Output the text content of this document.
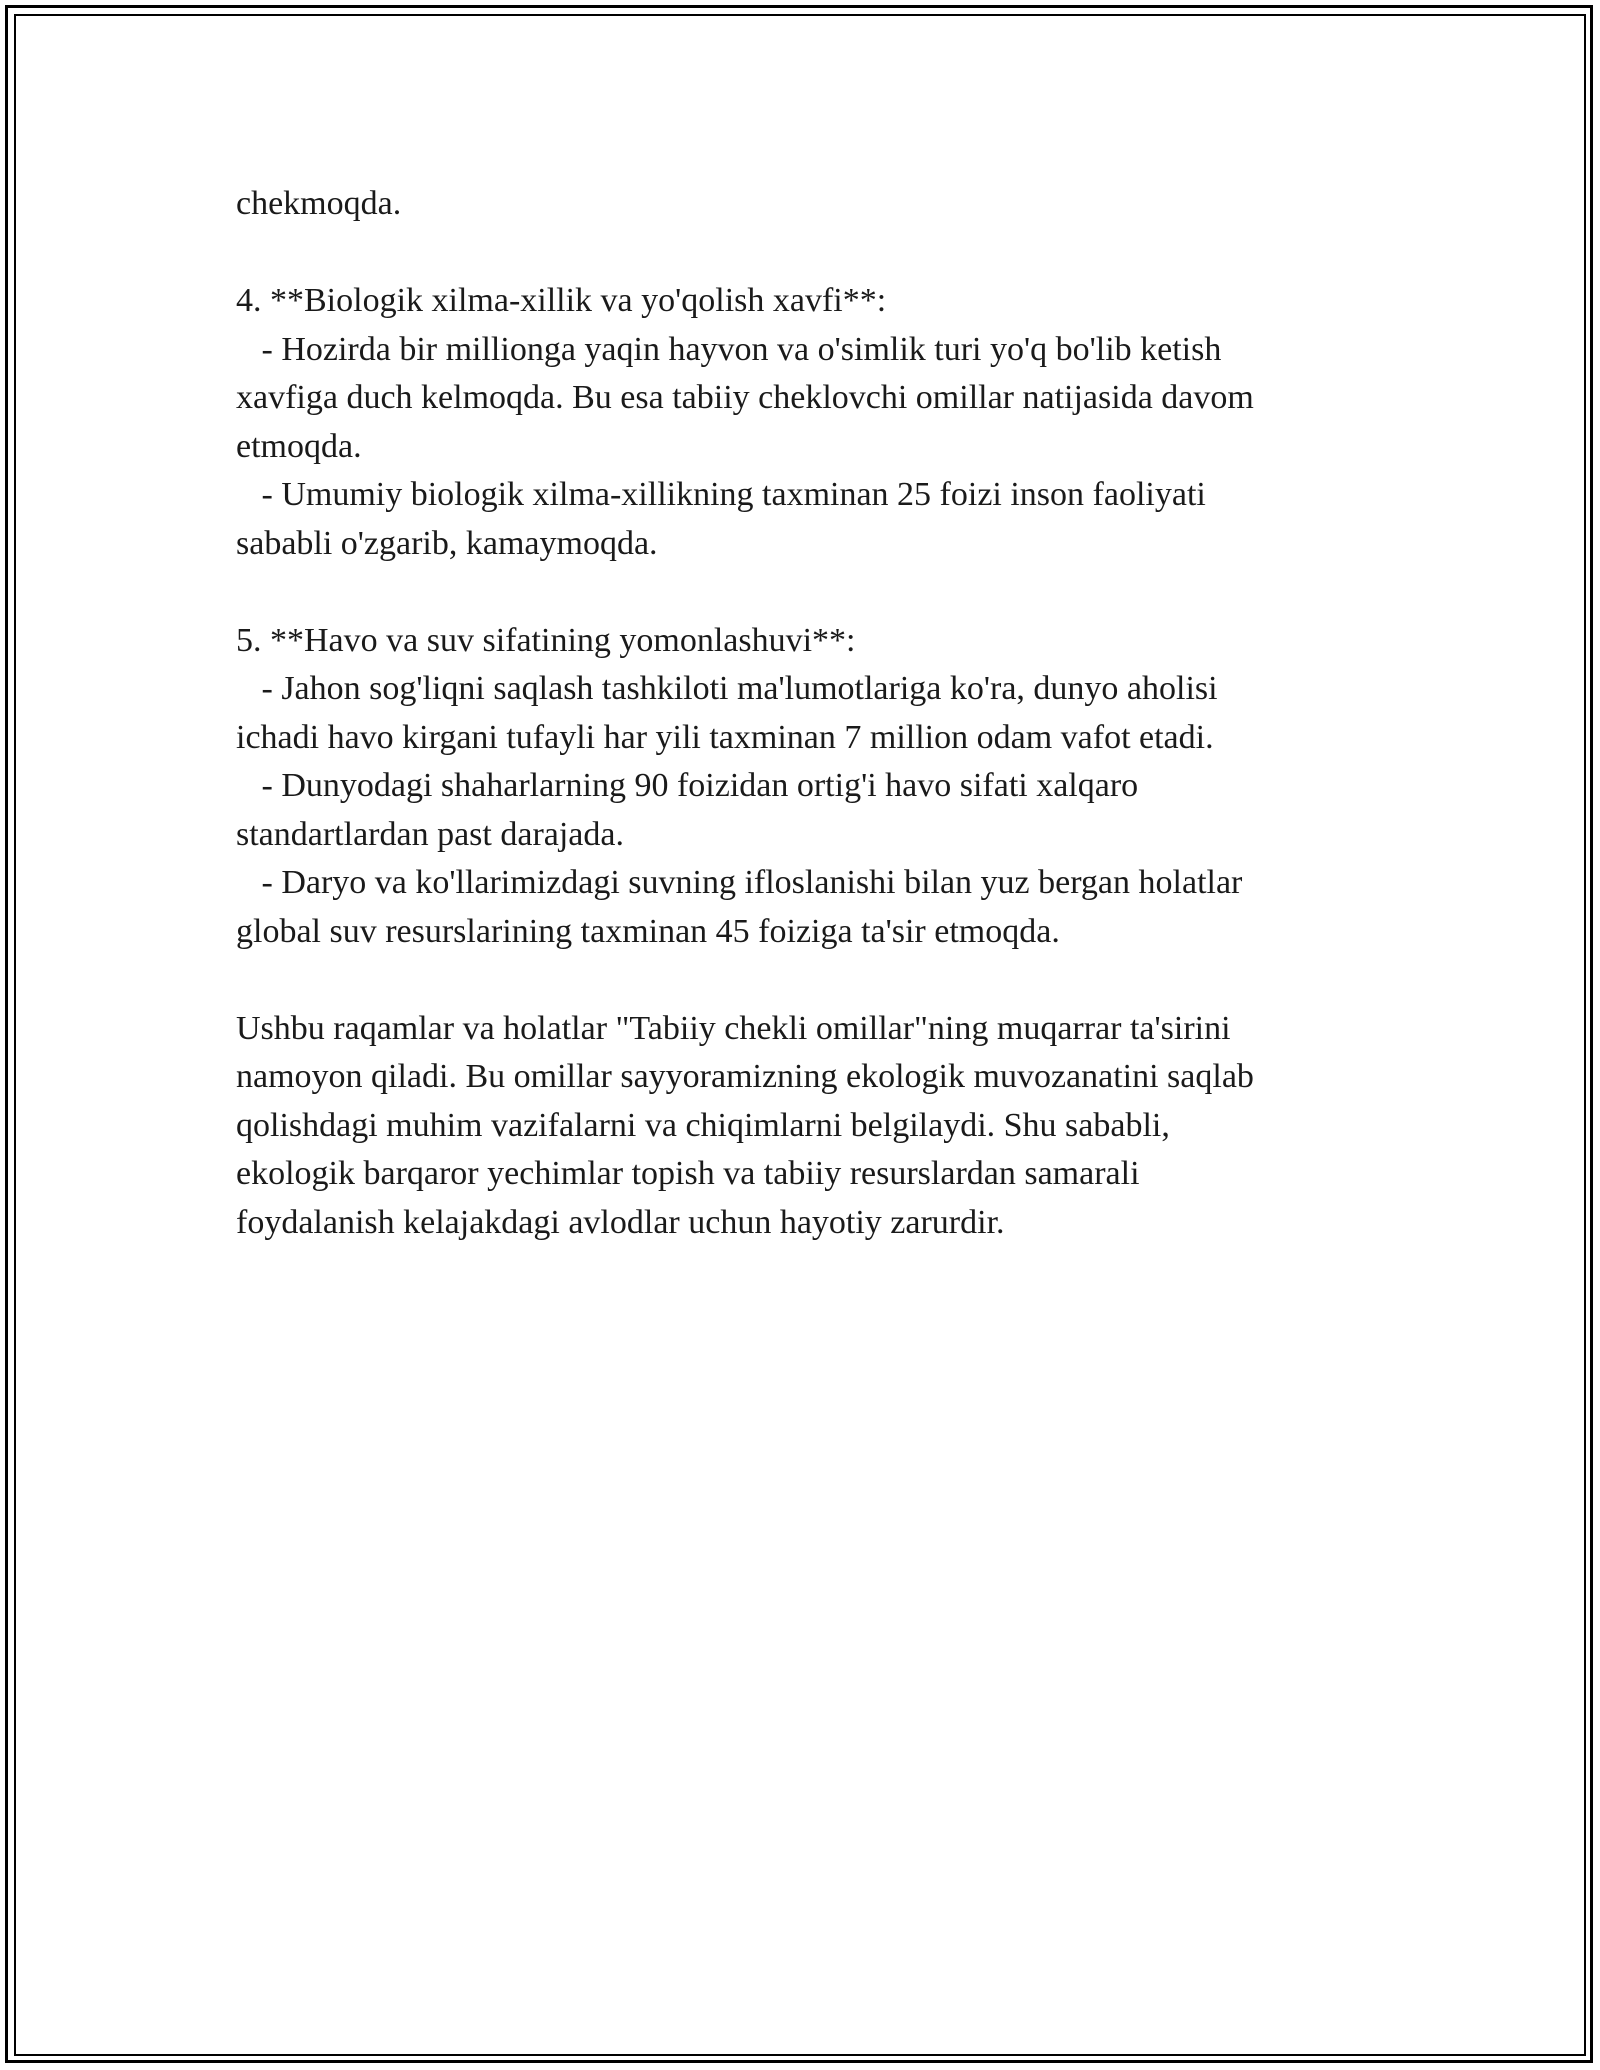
chekmoqda.
4. **Biologik xilma-xillik va yo'qolish xavfi**:
- Hozirda bir millionga yaqin hayvon va o'simlik turi yo'q bo'lib ketish
xavfiga duch kelmoqda. Bu esa tabiiy cheklovchi omillar natijasida davom
etmoqda.
- Umumiy biologik xilma-xillikning taxminan 25 foizi inson faoliyati
sababli o'zgarib, kamaymoqda.
5. **Havo va suv sifatining yomonlashuvi**:
- Jahon sog'liqni saqlash tashkiloti ma'lumotlariga ko'ra, dunyo aholisi
ichadi havo kirgani tufayli har yili taxminan 7 million odam vafot etadi.
- Dunyodagi shaharlarning 90 foizidan ortig'i havo sifati xalqaro
standartlardan past darajada.
- Daryo va ko'llarimizdagi suvning ifloslanishi bilan yuz bergan holatlar
global suv resurslarining taxminan 45 foiziga ta'sir etmoqda.
Ushbu raqamlar va holatlar "Tabiiy chekli omillar"ning muqarrar ta'sirini
namoyon qiladi. Bu omillar sayyoramizning ekologik muvozanatini saqlab
qolishdagi muhim vazifalarni va chiqimlarni belgilaydi. Shu sababli,
ekologik barqaror yechimlar topish va tabiiy resurslardan samarali
foydalanish kelajakdagi avlodlar uchun hayotiy zarurdir.
